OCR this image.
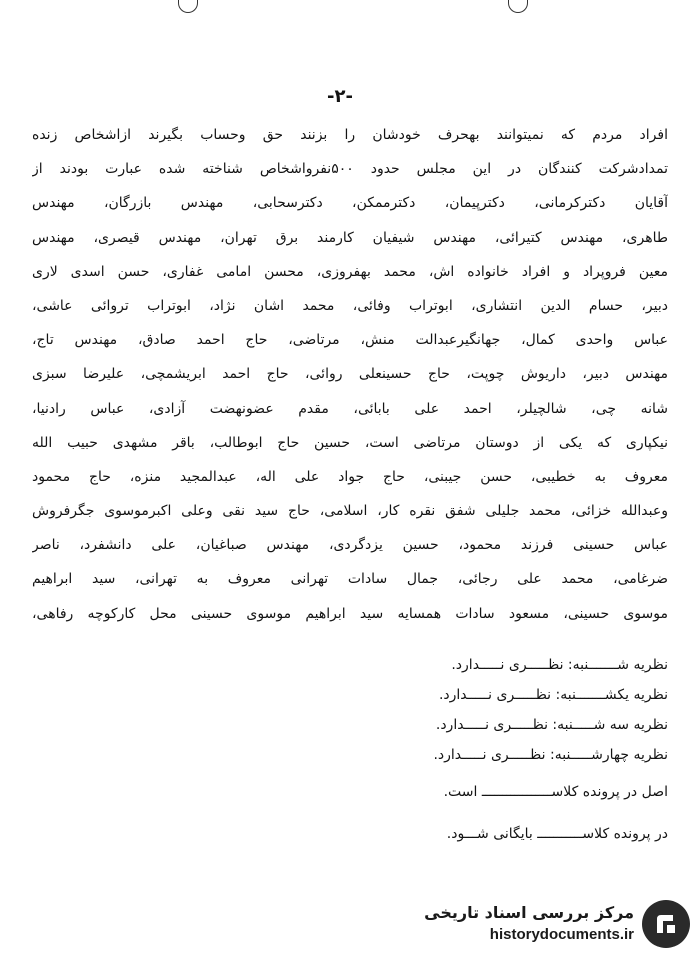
-۲-
افراد مردم که نمیتوانند بهحرف خودشان را بزنند حق وحساب بگیرند ازاشخاص زنده
تمدادشرکت کنندگان در این مجلس حدود ۵۰۰نفرواشخاص شناخته شده عبارت بودند از
آقایان دکترکرمانی، دکترپیمان، دکترممکن، دکترسحابی، مهندس بازرگان، مهندس
طاهری، مهندس کتیرائی، مهندس شیفیان کارمند برق تهران، مهندس قیصری، مهندس
معین فروپراد و افراد خانواده اش، محمد بهفروزی، محسن امامی غفاری، حسن اسدی لاری
دبیر، حسام الدین انتشاری، ابوتراب وفائی، محمد اشان نژاد، ابوتراب تروائی عاشی،
عباس واحدی کمال، جهانگیرعبدالت منش، مرتاضی، حاج احمد صادق، مهندس تاج،
مهندس دبیر، داریوش چوپت، حاج حسینعلی روائی، حاج احمد ابریشمچی، علیرضا سبزی
شانه چی، شالچیلر، احمد علی بابائی، مقدم عضونهضت آزادی، عباس رادنیا،
نیکپاری که یکی از دوستان مرتاضی است، حسین حاج ابوطالب، باقر مشهدی حبیب الله
معروف به خطیبی، حسن جیبنی، حاج جواد علی اله، عبدالمجید منزه، حاج محمود
وعبدالله خزائی، محمد جلیلی شفق نقره کار، اسلامی، حاج سید نقی وعلی اکبرموسوی جگرفروش
عباس حسینی فرزند محمود، حسین یزدگردی، مهندس صباغیان، علی دانشفرد، ناصر
ضرغامی، محمد علی رجائی، جمال سادات تهرانی معروف به تهرانی، سید ابراهیم
موسوی حسینی، مسعود سادات همسایه سید ابراهیم موسوی حسینی محل کارکوچه رفاهی،
نظریه شـــــــنبه: نظـــــری نـــــدارد.
نظریه یکشـــــــنبه: نظـــــری نـــــدارد.
نظریه سه شـــــنبه: نظـــــری نـــــدارد.
نظریه چهارشـــــنبه: نظـــــری نـــــدارد.
اصل در پرونده کلاســـــــــــــــــ است.
در پرونده کلاســـــــــــ بایگانی شـــود.
مرکز بررسی اسناد تاریخی
historydocuments.ir
